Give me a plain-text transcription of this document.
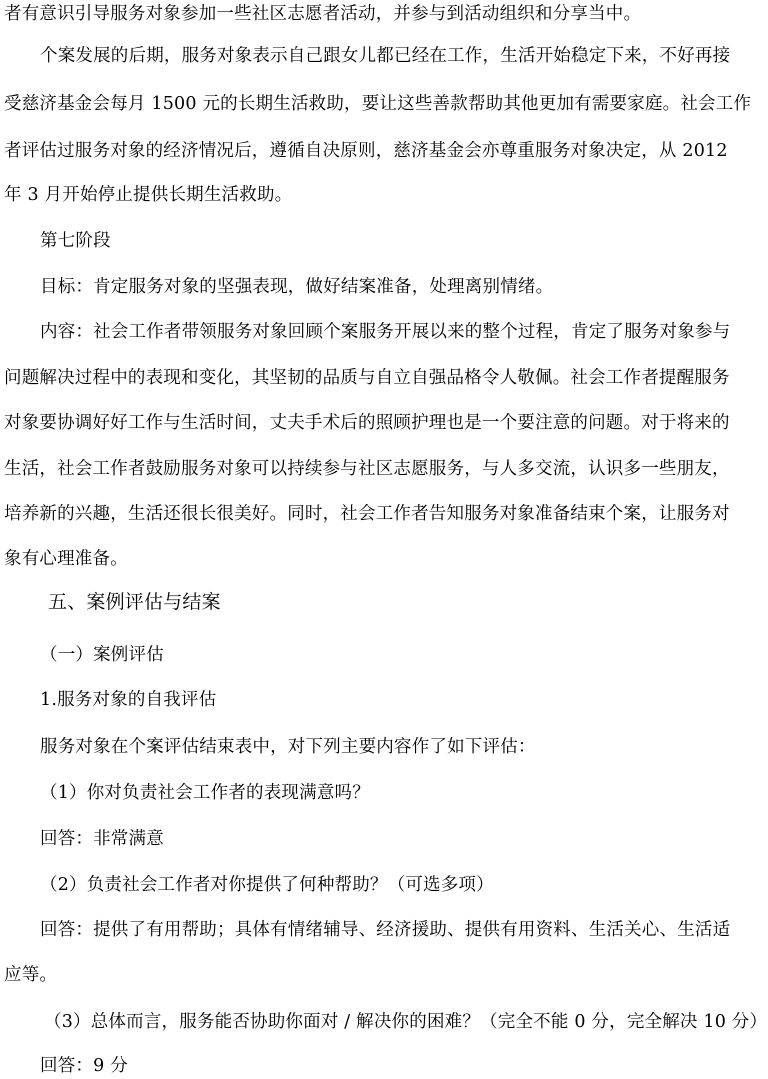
者有意识引导服务对象参加一些社区志愿者活动，并参与到活动组织和分享当中。
个案发展的后期，服务对象表示自己跟女儿都已经在工作，生活开始稳定下来，不好再接
受慈济基金会每月 1500 元的长期生活救助，要让这些善款帮助其他更加有需要家庭。社会工作
者评估过服务对象的经济情况后，遵循自决原则，慈济基金会亦尊重服务对象决定，从 2012
年 3 月开始停止提供长期生活救助。
第七阶段
目标：肯定服务对象的坚强表现，做好结案准备，处理离别情绪。
内容：社会工作者带领服务对象回顾个案服务开展以来的整个过程，肯定了服务对象参与
问题解决过程中的表现和变化，其坚韧的品质与自立自强品格令人敬佩。社会工作者提醒服务
对象要协调好好工作与生活时间，丈夫手术后的照顾护理也是一个要注意的问题。对于将来的
生活，社会工作者鼓励服务对象可以持续参与社区志愿服务，与人多交流，认识多一些朋友，
培养新的兴趣，生活还很长很美好。同时，社会工作者告知服务对象准备结束个案，让服务对
象有心理准备。
五、案例评估与结案
（一）案例评估
1.服务对象的自我评估
服务对象在个案评估结束表中，对下列主要内容作了如下评估：
（1）你对负责社会工作者的表现满意吗？
回答：非常满意
（2）负责社会工作者对你提供了何种帮助？（可选多项）
回答：提供了有用帮助；具体有情绪辅导、经济援助、提供有用资料、生活关心、生活适
应等。
（3）总体而言，服务能否协助你面对 / 解决你的困难？（完全不能 0 分，完全解决 10 分）
回答：9 分
